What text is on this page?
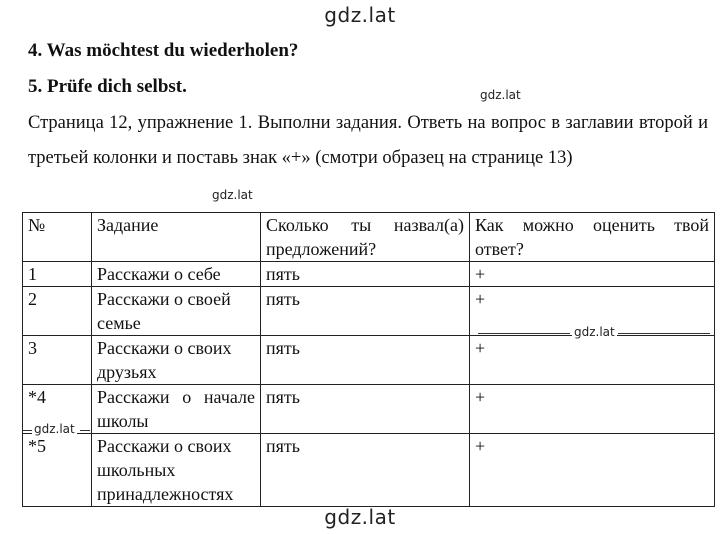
gdz.lat
4. Was möchtest du wiederholen?
5. Prüfe dich selbst.	gdz.lat
Страница 12, упражнение 1. Выполни задания. Ответь на вопрос в заглавии второй и третьей колонки и поставь знак «+» (смотри образец на странице 13)
gdz.lat
№	Задание	Сколько ты назвал(а) предложений?	Как можно оценить твой ответ?
1	Расскажи о себе	пять	+
2	Расскажи о своей семье	пять	+
3	Расскажи о своих друзьях	пять	+
*4	Расскажи о начале школы	пять	+
*5	Расскажи о своих школьных принадлежностях	пять	+
gdz.lat
gdz.lat
gdz.lat
